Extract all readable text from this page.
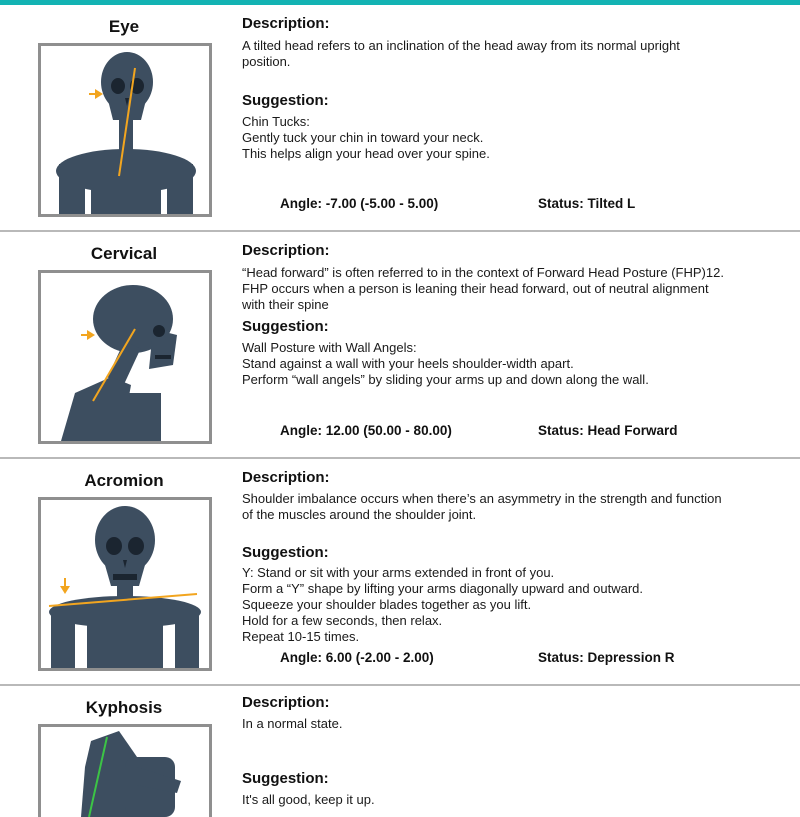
Eye	Description:
A tilted head refers to an inclination of the head away from its normal upright
position.
Suggestion:
Chin Tucks:
Gently tuck your chin in toward your neck.
This helps align your head over your spine.
Angle: -7.00 (-5.00 - 5.00)	Status: Tilted L
Cervical	Description:
“Head forward” is often referred to in the context of Forward Head Posture (FHP)12.
FHP occurs when a person is leaning their head forward, out of neutral alignment
with their spine
Suggestion:
Wall Posture with Wall Angels:
Stand against a wall with your heels shoulder-width apart.
Perform “wall angels” by sliding your arms up and down along the wall.
Angle: 12.00 (50.00 - 80.00)	Status: Head Forward
Acromion	Description:
Shoulder imbalance occurs when there’s an asymmetry in the strength and function
of the muscles around the shoulder joint.
Suggestion:
Y: Stand or sit with your arms extended in front of you.
Form a “Y” shape by lifting your arms diagonally upward and outward.
Squeeze your shoulder blades together as you lift.
Hold for a few seconds, then relax.
Repeat 10-15 times.
Angle: 6.00 (-2.00 - 2.00)	Status: Depression R
Kyphosis	Description:
In a normal state.
Suggestion:
It's all good, keep it up.
